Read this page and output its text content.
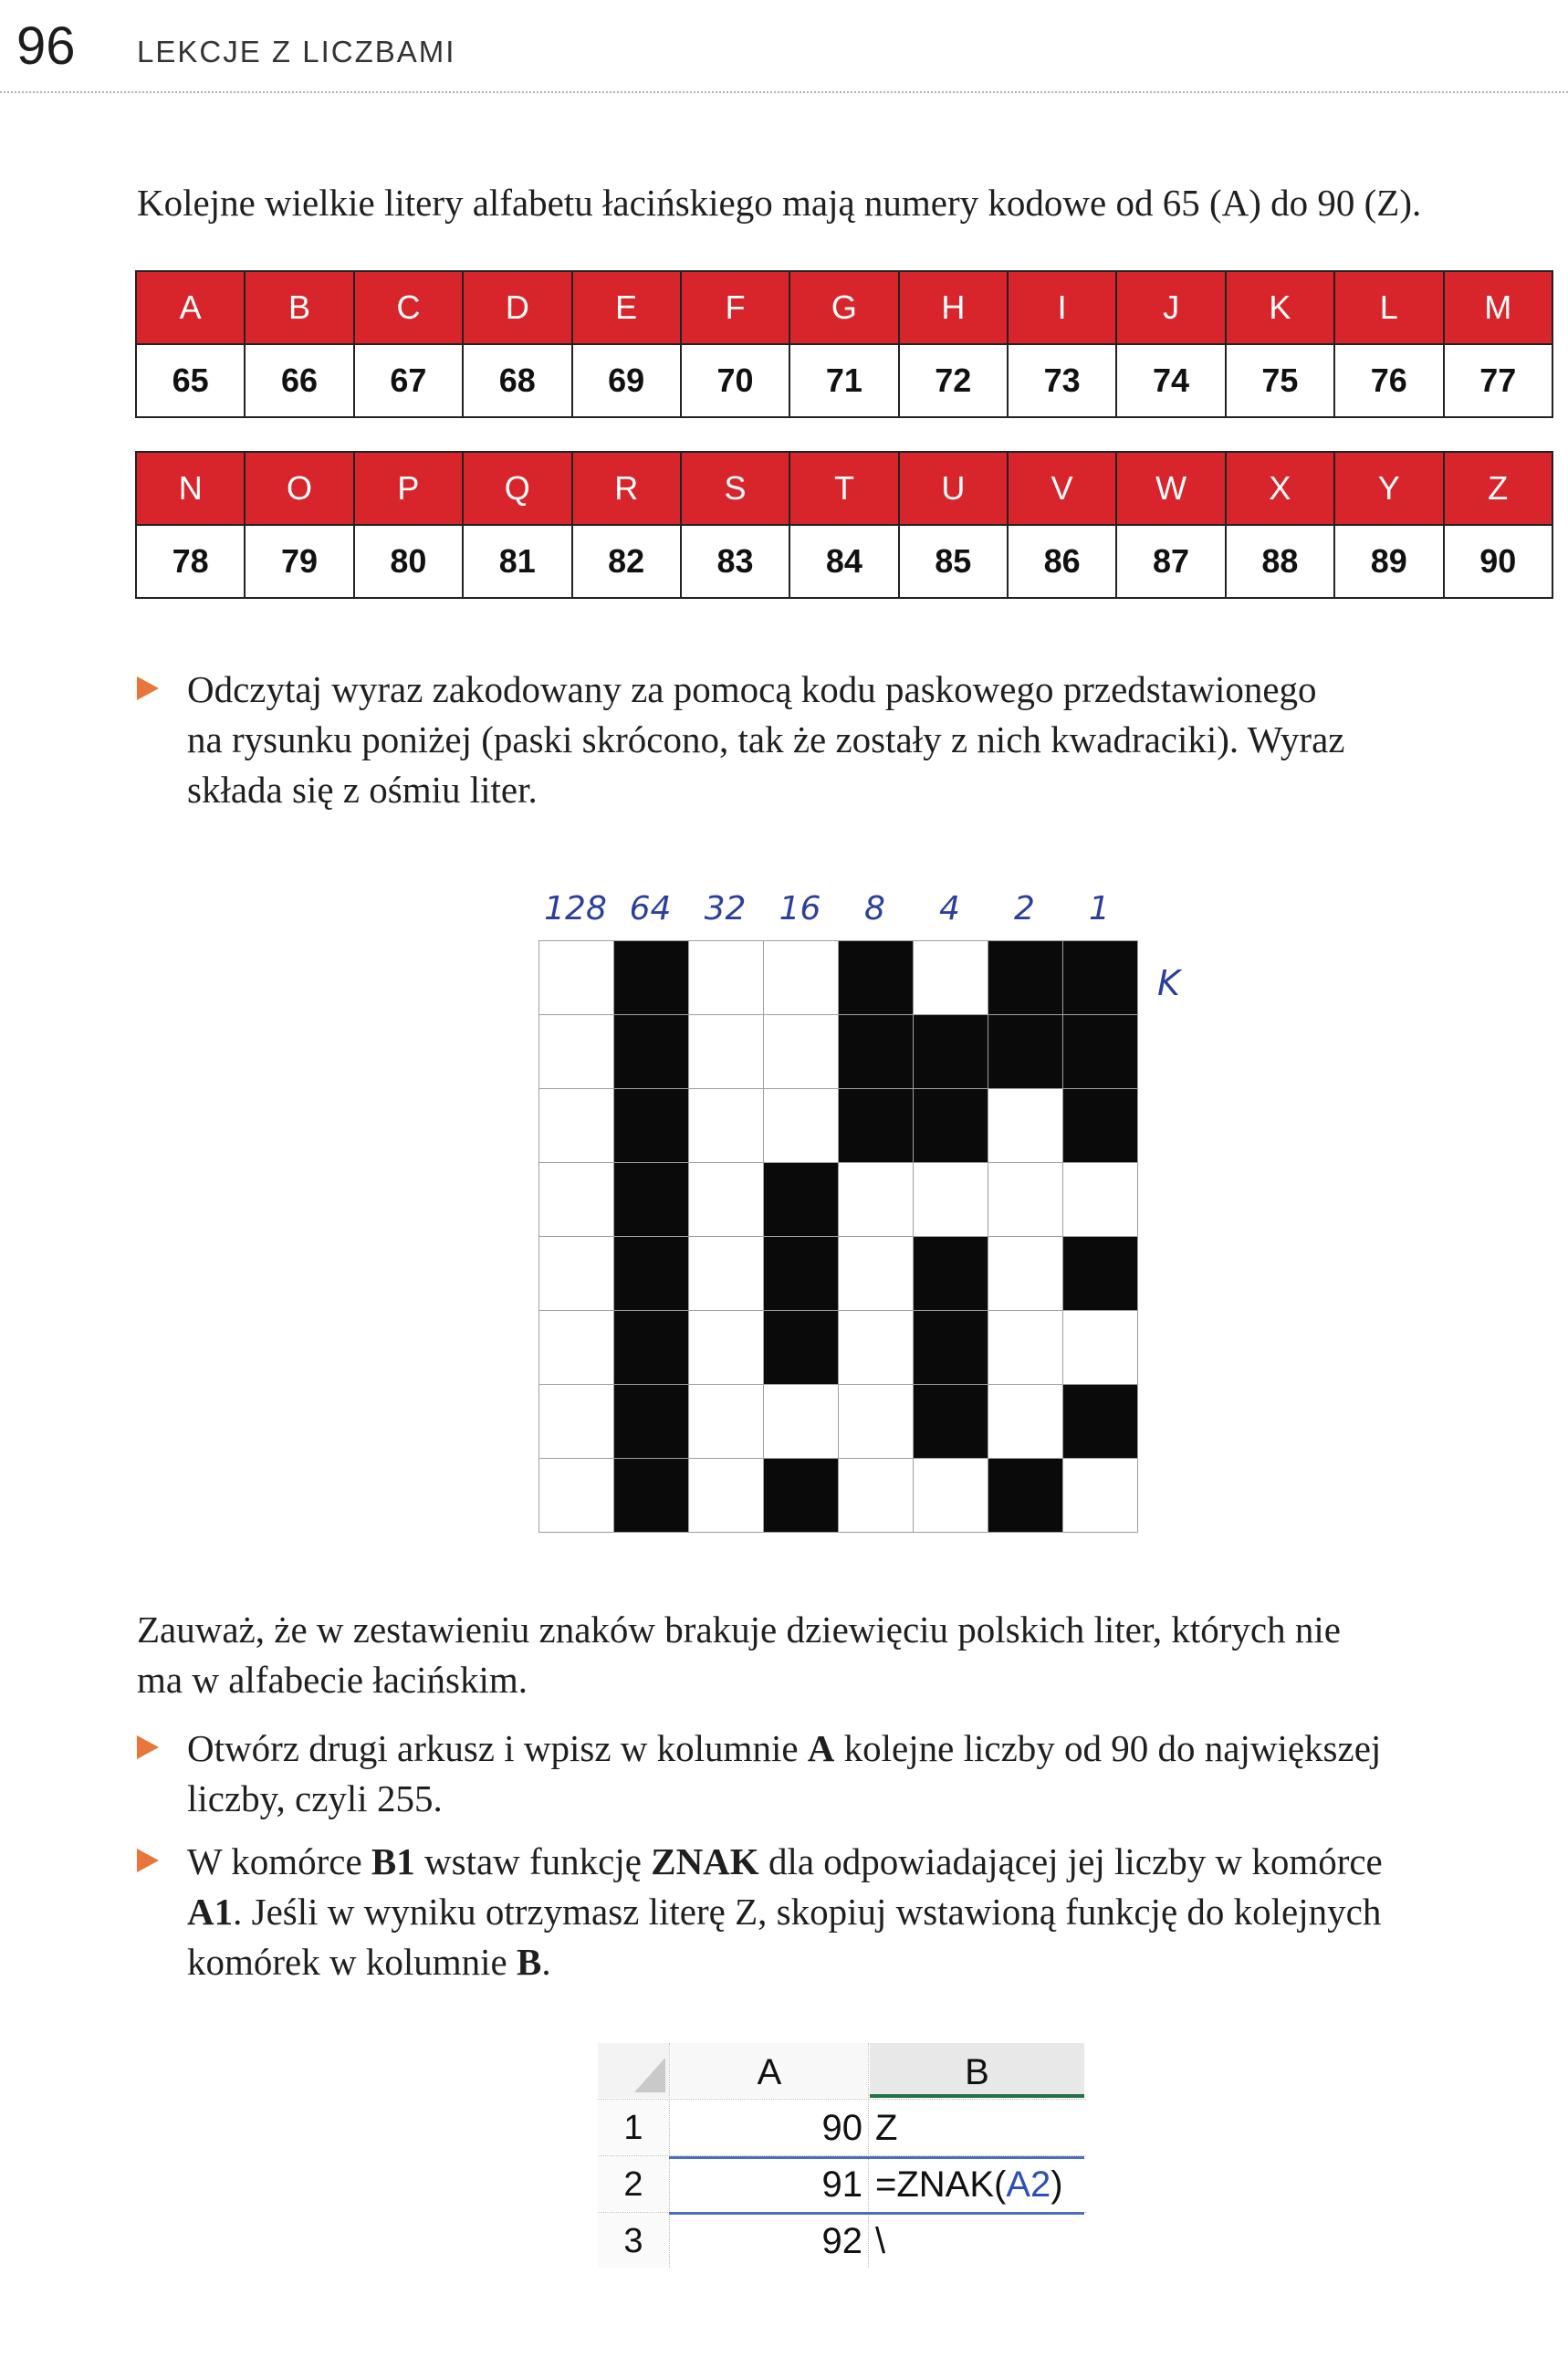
96 LEKCJE Z LICZBAMI
Kolejne wielkie litery alfabetu łacińskiego mają numery kodowe od 65 (A) do 90 (Z).
A	B	C	D	E	F	G	H	I	J	K	L	M
65	66	67	68	69	70	71	72	73	74	75	76	77
N	O	P	Q	R	S	T	U	V	W	X	Y	Z
78	79	80	81	82	83	84	85	86	87	88	89	90

Odczytaj wyraz zakodowany za pomocą kodu paskowego przedstawionego

na rysunku poniżej (paski skrócono, tak że zostały z nich kwadraciki). Wyraz

składa się z ośmiu liter.

128 64	32	16	8	4	2	1

K

Zauważ, że w zestawieniu znaków brakuje dziewięciu polskich liter, których nie

ma w alfabecie łacińskim.

Otwórz drugi arkusz i wpisz w kolumnie A kolejne liczby od 90 do największej

liczby, czyli 255.

W komórce B1 wstaw funkcję ZNAK dla odpowiadającej jej liczby w komórce

A1. Jeśli w wyniku otrzymasz literę Z, skopiuj wstawioną funkcję do kolejnych

komórek w kolumnie B.

A	B
1	90 Z
2	91 =ZNAK(A2)
3	92 \
